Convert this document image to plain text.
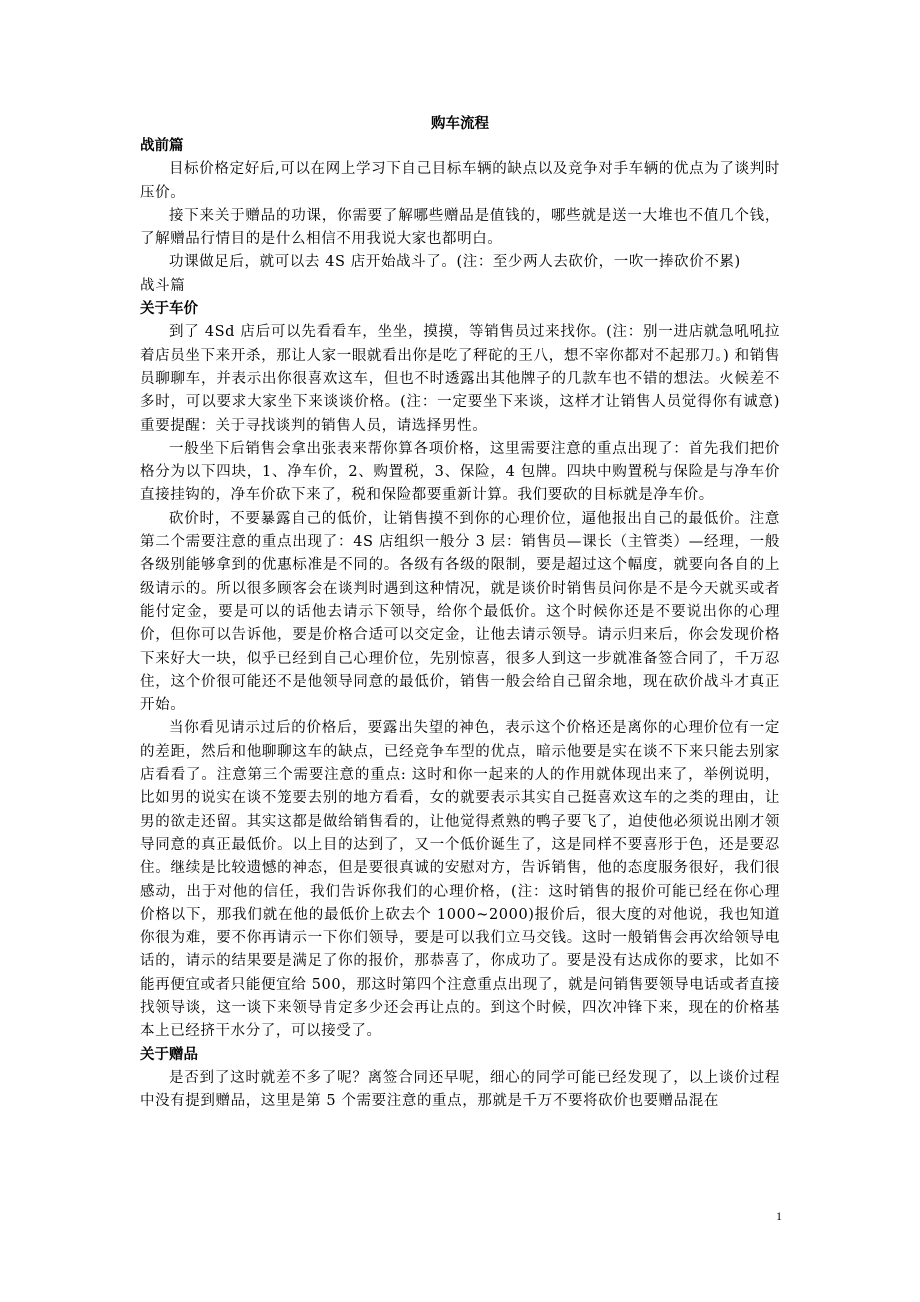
购车流程
战前篇

目标价格定好后,可以在网上学习下自己目标车辆的缺点以及竞争对手车辆的优点为了谈判时压价。

接下来关于赠品的功课，你需要了解哪些赠品是值钱的，哪些就是送一大堆也不值几个钱，了解赠品行情目的是什么相信不用我说大家也都明白。

功课做足后，就可以去 4S 店开始战斗了。(注：至少两人去砍价，一吹一捧砍价不累)

战斗篇

关于车价

到了 4Sd 店后可以先看看车，坐坐，摸摸，等销售员过来找你。(注：别一进店就急吼吼拉着店员坐下来开杀，那让人家一眼就看出你是吃了秤砣的王八，想不宰你都对不起那刀。) 和销售员聊聊车，并表示出你很喜欢这车，但也不时透露出其他牌子的几款车也不错的想法。火候差不多时，可以要求大家坐下来谈谈价格。(注：一定要坐下来谈，这样才让销售人员觉得你有诚意) 重要提醒：关于寻找谈判的销售人员，请选择男性。

一般坐下后销售会拿出张表来帮你算各项价格，这里需要注意的重点出现了：首先我们把价格分为以下四块，1、净车价，2、购置税，3、保险，4 包牌。四块中购置税与保险是与净车价直接挂钩的，净车价砍下来了，税和保险都要重新计算。我们要砍的目标就是净车价。

砍价时，不要暴露自己的低价，让销售摸不到你的心理价位，逼他报出自己的最低价。注意第二个需要注意的重点出现了：4S 店组织一般分 3 层：销售员—课长（主管类）—经理，一般各级别能够拿到的优惠标准是不同的。各级有各级的限制，要是超过这个幅度，就要向各自的上级请示的。所以很多顾客会在谈判时遇到这种情况，就是谈价时销售员问你是不是今天就买或者能付定金，要是可以的话他去请示下领导，给你个最低价。这个时候你还是不要说出你的心理价，但你可以告诉他，要是价格合适可以交定金，让他去请示领导。请示归来后，你会发现价格下来好大一块，似乎已经到自己心理价位，先别惊喜，很多人到这一步就准备签合同了，千万忍住，这个价很可能还不是他领导同意的最低价，销售一般会给自己留余地，现在砍价战斗才真正开始。

当你看见请示过后的价格后，要露出失望的神色，表示这个价格还是离你的心理价位有一定的差距，然后和他聊聊这车的缺点，已经竞争车型的优点，暗示他要是实在谈不下来只能去别家店看看了。注意第三个需要注意的重点: 这时和你一起来的人的作用就体现出来了，举例说明，比如男的说实在谈不笼要去别的地方看看，女的就要表示其实自己挺喜欢这车的之类的理由，让男的欲走还留。其实这都是做给销售看的，让他觉得煮熟的鸭子要飞了，迫使他必须说出刚才领导同意的真正最低价。以上目的达到了，又一个低价诞生了，这是同样不要喜形于色，还是要忍住。继续是比较遗憾的神态，但是要很真诚的安慰对方，告诉销售，他的态度服务很好，我们很感动，出于对他的信任，我们告诉你我们的心理价格，(注：这时销售的报价可能已经在你心理价格以下，那我们就在他的最低价上砍去个 1000~2000)报价后，很大度的对他说，我也知道你很为难，要不你再请示一下你们领导，要是可以我们立马交钱。这时一般销售会再次给领导电话的，请示的结果要是满足了你的报价，那恭喜了，你成功了。要是没有达成你的要求，比如不能再便宜或者只能便宜给 500，那这时第四个注意重点出现了，就是问销售要领导电话或者直接找领导谈，这一谈下来领导肯定多少还会再让点的。到这个时候，四次冲锋下来，现在的价格基本上已经挤干水分了，可以接受了。

关于赠品

是否到了这时就差不多了呢？离签合同还早呢，细心的同学可能已经发现了，以上谈价过程中没有提到赠品，这里是第 5 个需要注意的重点，那就是千万不要将砍价也要赠品混在

1
